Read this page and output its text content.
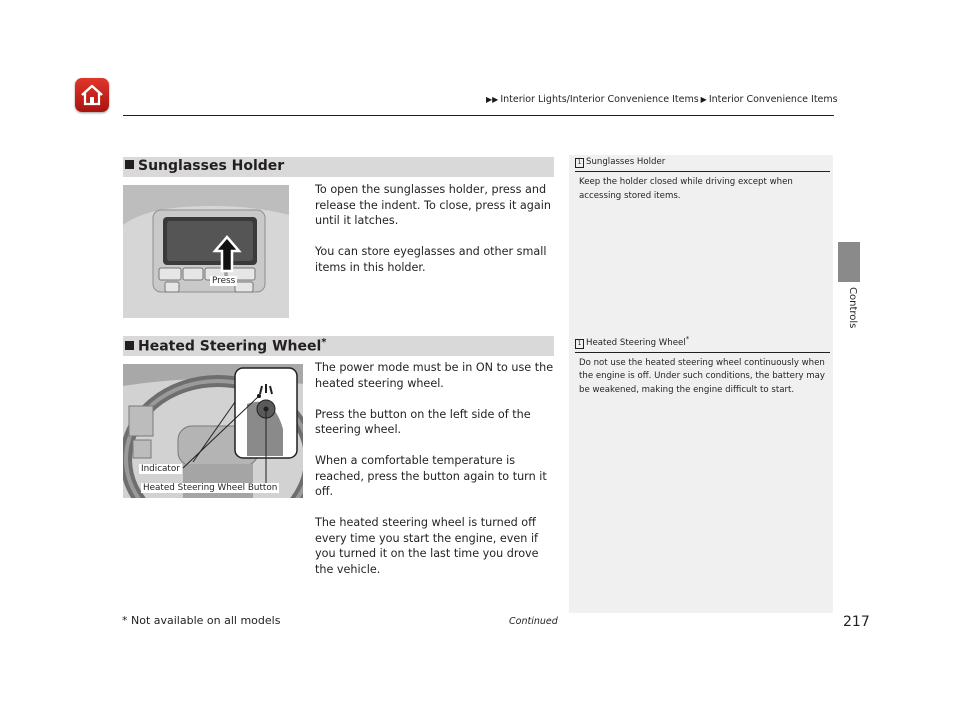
▶▶ Interior Lights/Interior Convenience Items ▶ Interior Convenience Items
Controls
Sunglasses Holder
Press

To open the sunglasses holder, press and release the indent. To close, press it again until it latches.

You can store eyeglasses and other small items in this holder.

1 Sunglasses Holder
Keep the holder closed while driving except when accessing stored items.
Heated Steering Wheel*
Indicator
Heated Steering Wheel Button

The power mode must be in ON to use the heated steering wheel.

Press the button on the left side of the steering wheel.

When a comfortable temperature is reached, press the button again to turn it off.

The heated steering wheel is turned off every time you start the engine, even if you turned it on the last time you drove the vehicle.

1 Heated Steering Wheel*
Do not use the heated steering wheel continuously when the engine is off. Under such conditions, the battery may be weakened, making the engine difficult to start.
* Not available on all models	Continued	217
